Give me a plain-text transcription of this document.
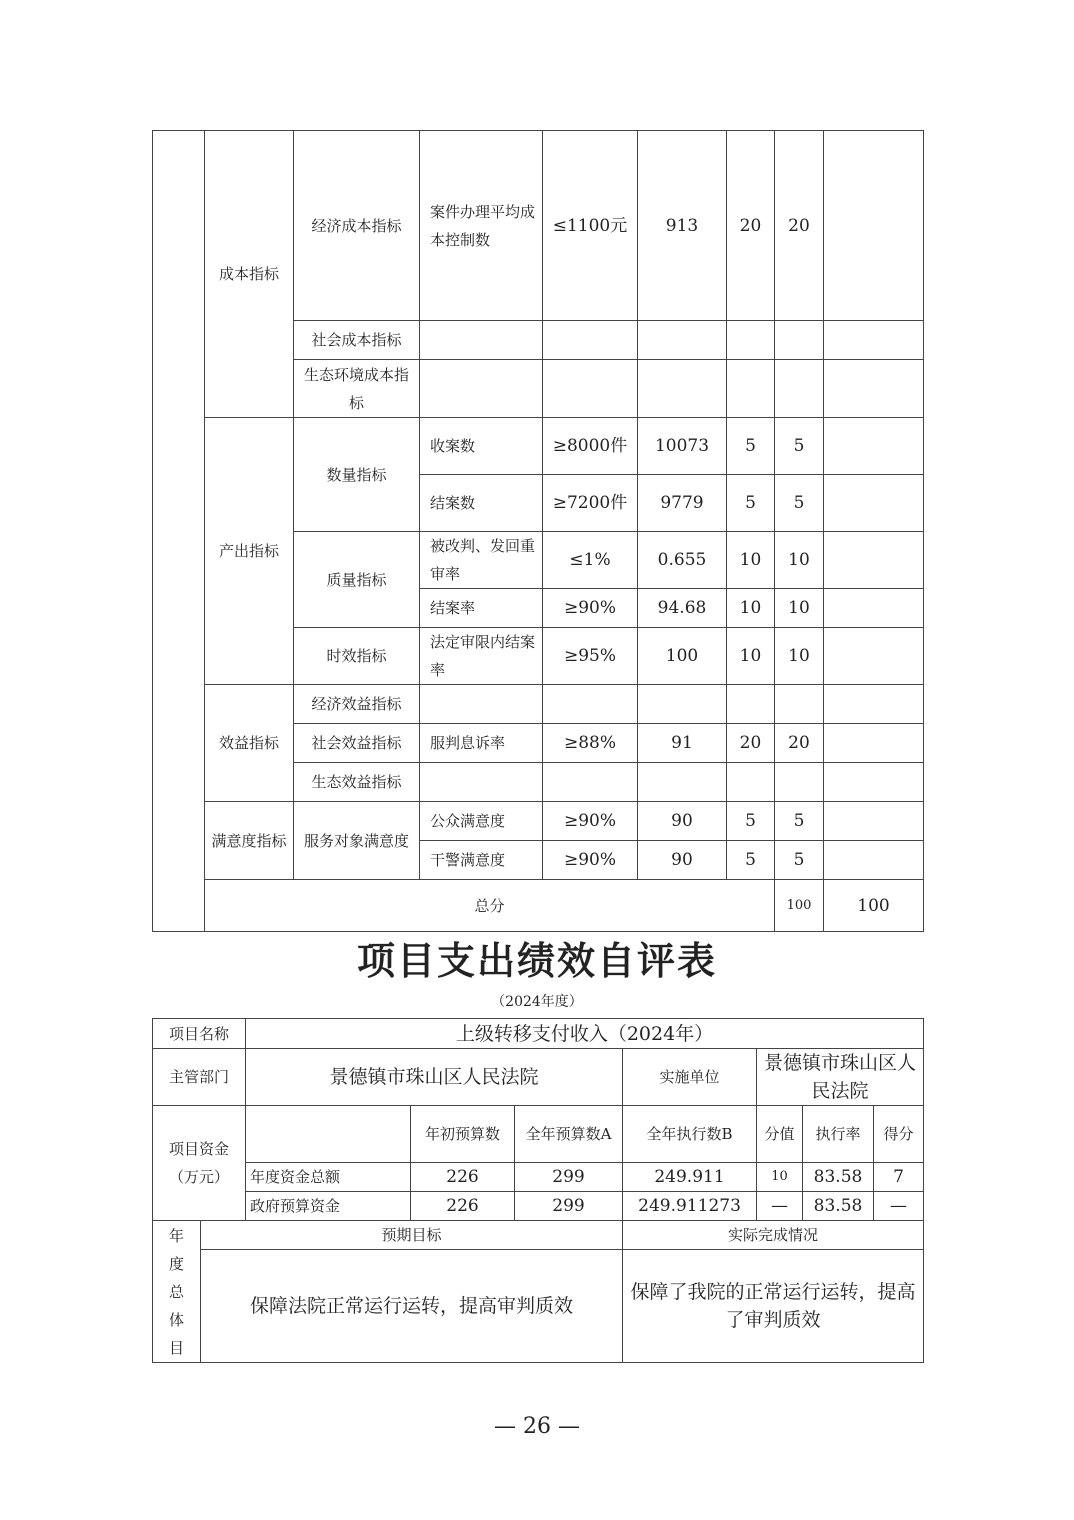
	成本指标	经济成本指标	案件办理平均成本控制数	≤1100元	913	20	20		
		社会成本指标							
		生态环境成本指标							
	产出指标	数量指标	收案数	≥8000件	10073	5	5		
			结案数	≥7200件	9779	5	5		
		质量指标	被改判、发回重审率	≤1%	0.655	10	10		
			结案率	≥90%	94.68	10	10		
		时效指标	法定审限内结案率	≥95%	100	10	10		
	效益指标	经济效益指标							
		社会效益指标	服判息诉率	≥88%	91	20	20		
		生态效益指标							
	满意度指标	服务对象满意度	公众满意度	≥90%	90	5	5		
			干警满意度	≥90%	90	5	5		
	总分						100	100	
项目支出绩效自评表
（2024年度）
项目名称		上级转移支付收入（2024年）						
主管部门		景德镇市珠山区人民法院			实施单位	景德镇市珠山区人民法院		
项目资金（万元）			年初预算数	全年预算数A	全年执行数B	分值	执行率	得分
		年度资金总额	226	299	249.911	10	83.58	7
		政府预算资金	226	299	249.911273	—	83.58	—
年度总体目	预期目标				实际完成情况			
	保障法院正常运行运转，提高审判质效				保障了我院的正常运行运转，提高了审判质效			
— 26 —
